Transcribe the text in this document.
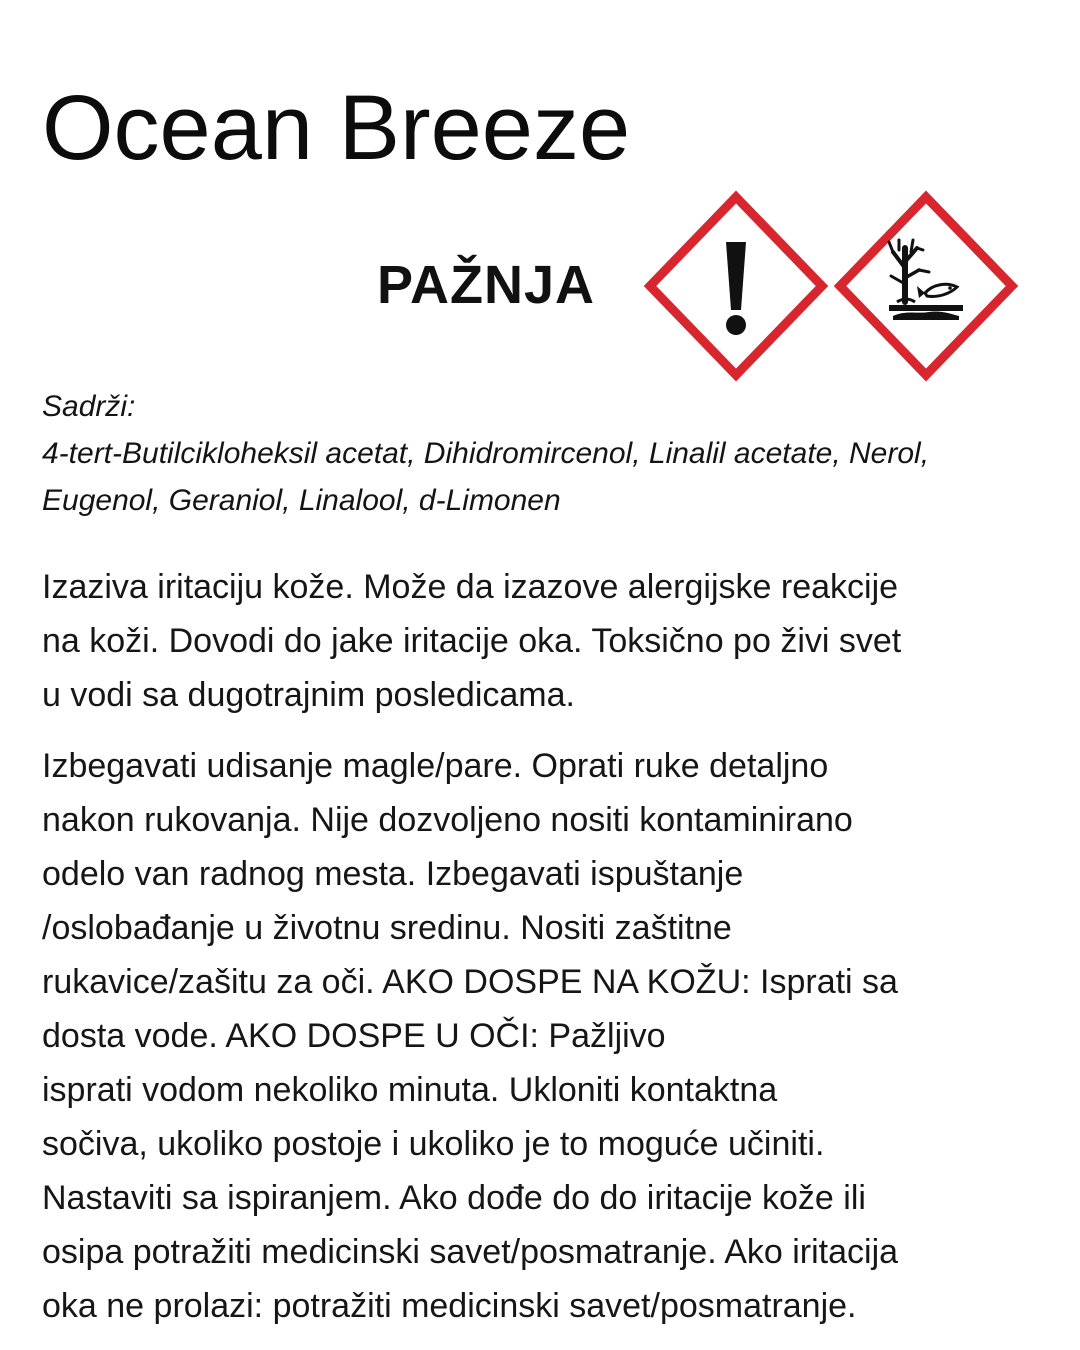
Ocean Breeze
PAŽNJA
Sadrži:
4-tert-Butilcikloheksil acetat, Dihidromircenol, Linalil acetate, Nerol,
Eugenol, Geraniol, Linalool, d-Limonen
Izaziva iritaciju kože. Može da izazove alergijske reakcije
na koži. Dovodi do jake iritacije oka. Toksično po živi svet
u vodi sa dugotrajnim posledicama.
Izbegavati udisanje magle/pare. Oprati ruke detaljno
nakon rukovanja. Nije dozvoljeno nositi kontaminirano
odelo van radnog mesta. Izbegavati ispuštanje
/oslobađanje u životnu sredinu. Nositi zaštitne
rukavice/zašitu za oči. AKO DOSPE NA KOŽU: Isprati sa
dosta vode. AKO DOSPE U OČI: Pažljivo
isprati vodom nekoliko minuta. Ukloniti kontaktna
sočiva, ukoliko postoje i ukoliko je to moguće učiniti.
Nastaviti sa ispiranjem. Ako dođe do do iritacije kože ili
osipa potražiti medicinski savet/posmatranje. Ako iritacija
oka ne prolazi: potražiti medicinski savet/posmatranje.
